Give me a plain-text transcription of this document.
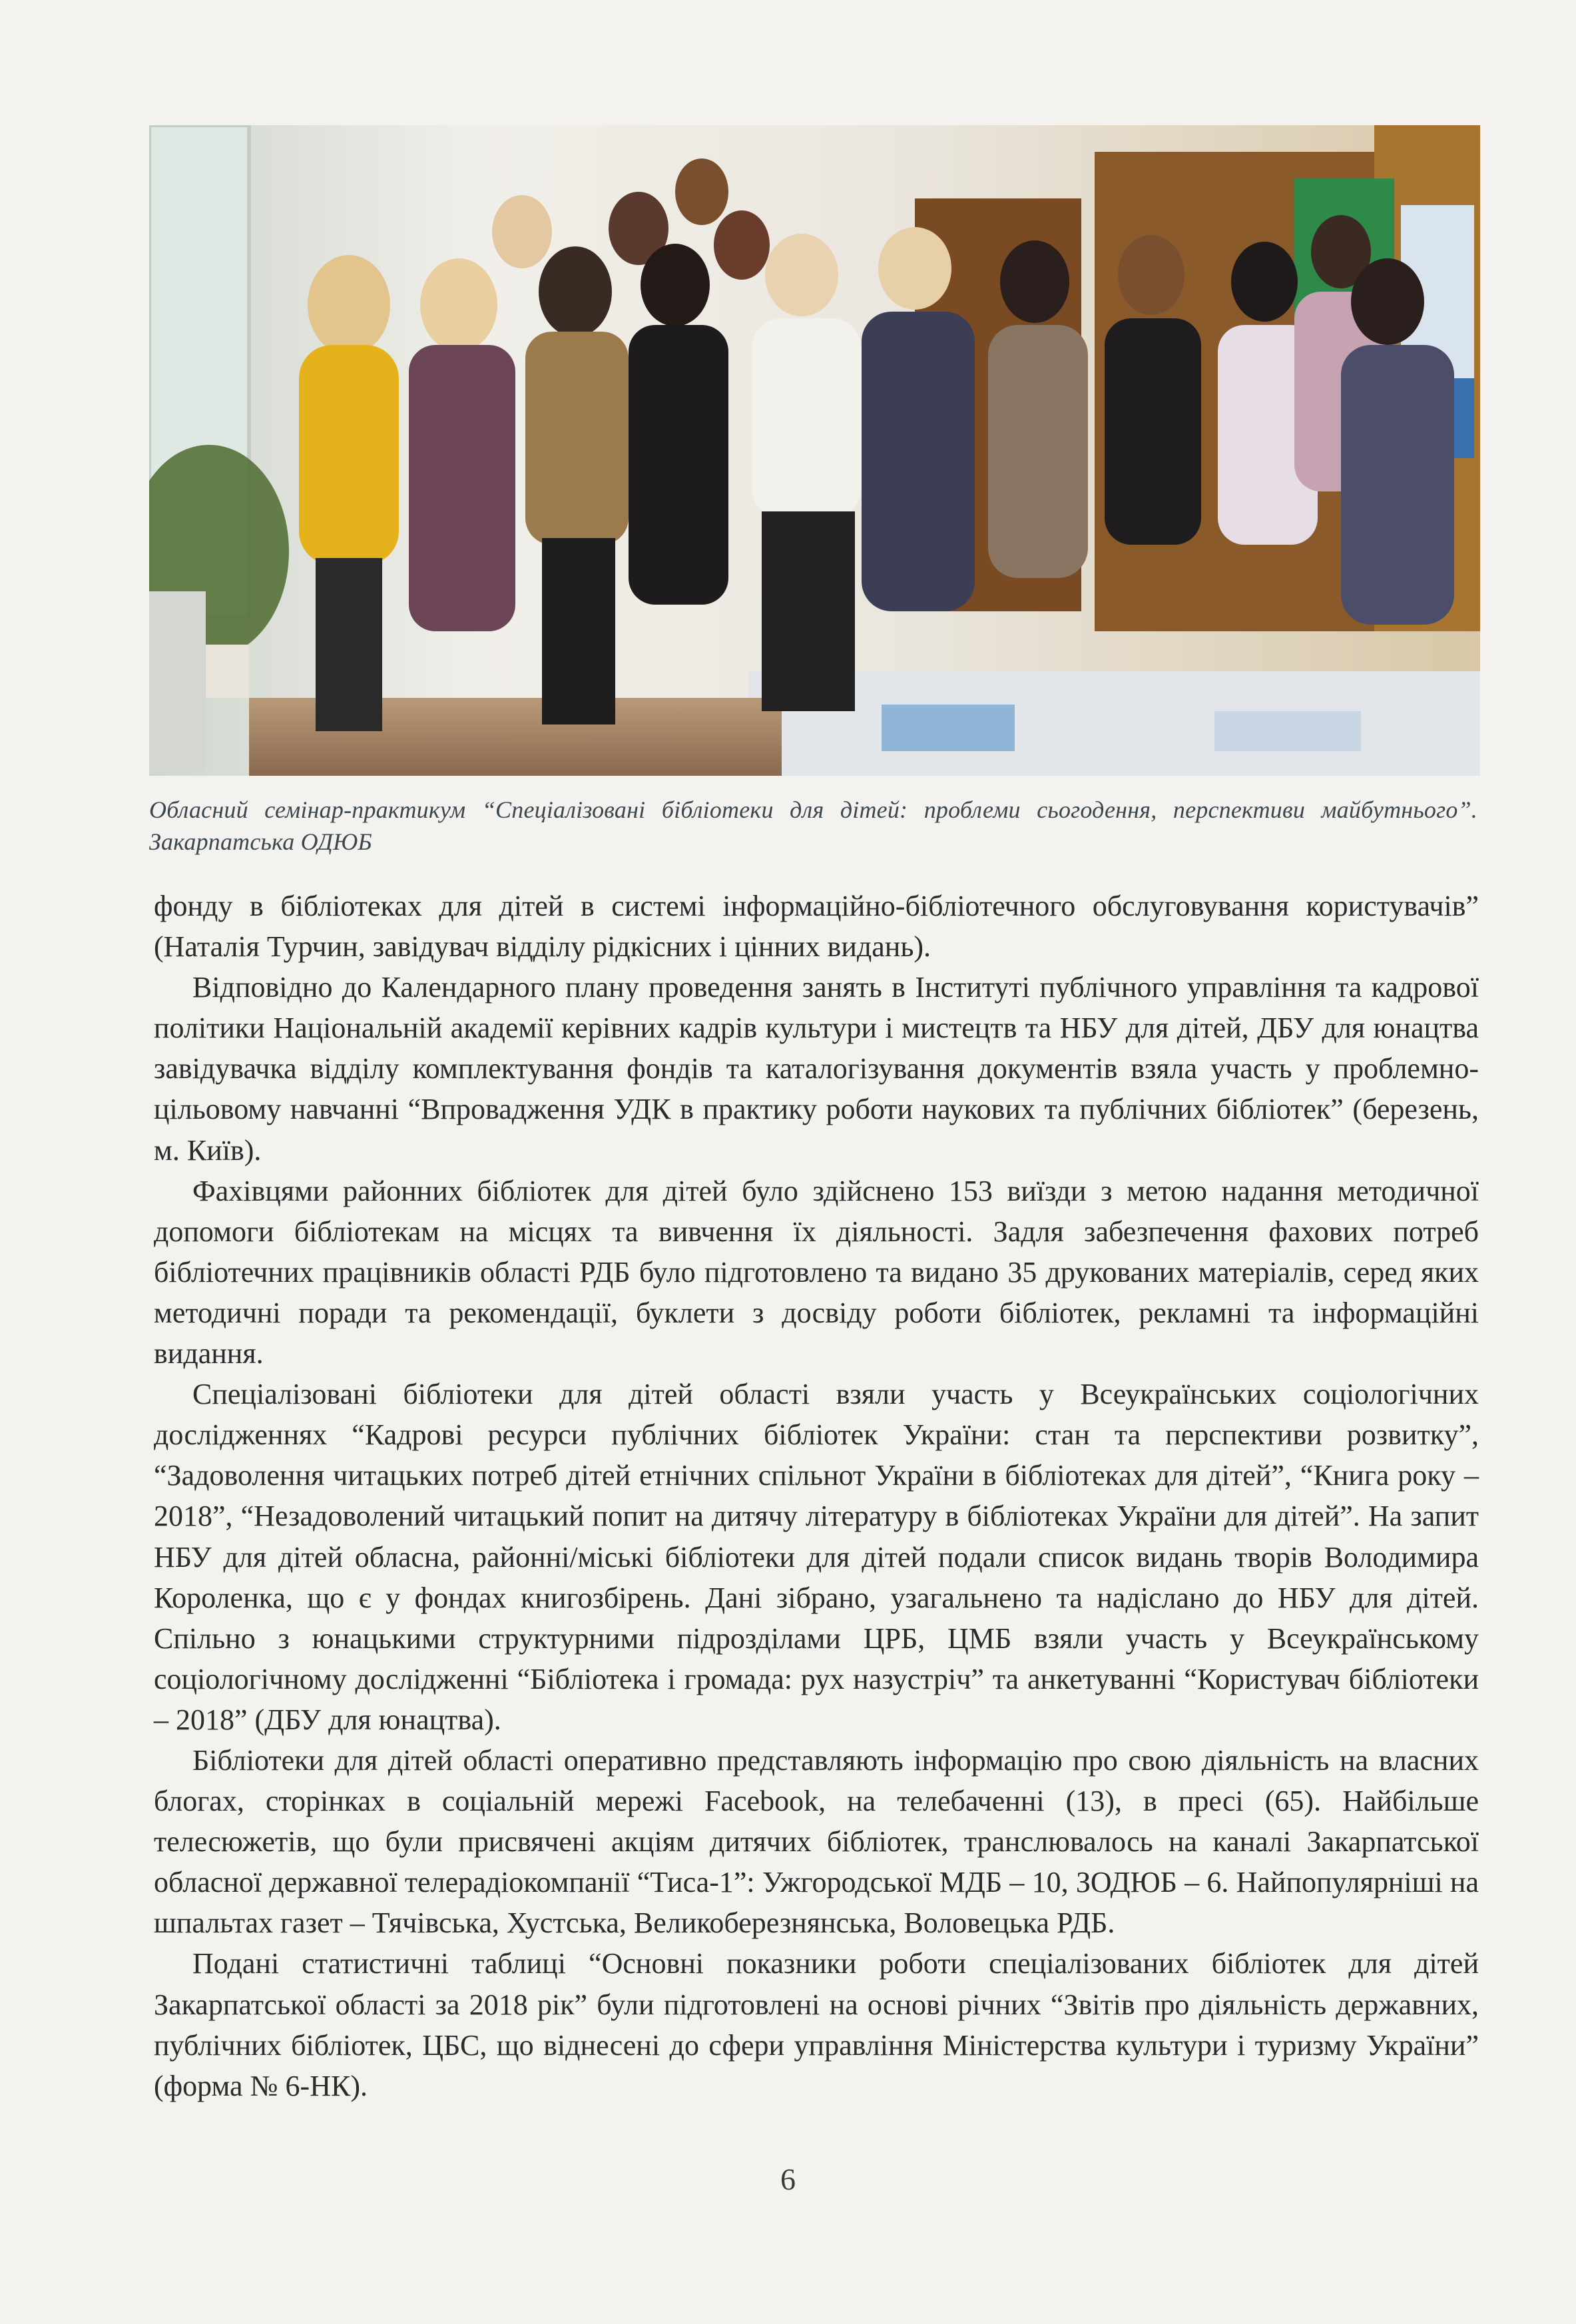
Обласний семінар-практикум “Спеціалізовані бібліотеки для дітей: проблеми сьогодення, перспективи майбутнього”. Закарпатська ОДЮБ

фонду в бібліотеках для дітей в системі інформаційно-бібліотечного обслуговування користувачів” (Наталія Турчин, завідувач відділу рідкісних і цінних видань).

Відповідно до Календарного плану проведення занять в Інституті публічного управління та кадрової політики Національній академії керівних кадрів культури і мистецтв та НБУ для дітей, ДБУ для юнацтва завідувачка відділу комплектування фондів та каталогізування документів взяла участь у проблемно-цільовому навчанні “Впровадження УДК в практику роботи наукових та публічних бібліотек” (березень, м. Київ).

Фахівцями районних бібліотек для дітей було здійснено 153 виїзди з метою надання методичної допомоги бібліотекам на місцях та вивчення їх діяльності. Задля забезпечення фахових потреб бібліотечних працівників області РДБ було підготовлено та видано 35 друкованих матеріалів, серед яких методичні поради та рекомендації, буклети з досвіду роботи бібліотек, рекламні та інформаційні видання.

Спеціалізовані бібліотеки для дітей області взяли участь у Всеукраїнських соціологічних дослідженнях “Кадрові ресурси публічних бібліотек України: стан та перспективи розвитку”, “Задоволення читацьких потреб дітей етнічних спільнот України в бібліотеках для дітей”, “Книга року – 2018”, “Незадоволений читацький попит на дитячу літературу в бібліотеках України для дітей”. На запит НБУ для дітей обласна, районні/міські бібліотеки для дітей подали список видань творів Володимира Короленка, що є у фондах книгозбірень. Дані зібрано, узагальнено та надіслано до НБУ для дітей. Спільно з юнацькими структурними підрозділами ЦРБ, ЦМБ взяли участь у Всеукраїнському соціологічному дослідженні “Бібліотека і громада: рух назустріч” та анкетуванні “Користувач бібліотеки – 2018” (ДБУ для юнацтва).

Бібліотеки для дітей області оперативно представляють інформацію про свою діяльність на власних блогах, сторінках в соціальній мережі Facebook, на телебаченні (13), в пресі (65). Найбільше телесюжетів, що були присвячені акціям дитячих бібліотек, транслювалось на каналі Закарпатської обласної державної телерадіокомпанії “Тиса-1”: Ужгородської МДБ – 10, ЗОДЮБ – 6. Найпопулярніші на шпальтах газет – Тячівська, Хустська, Великоберезнянська, Воловецька РДБ.

Подані статистичні таблиці “Основні показники роботи спеціалізованих бібліотек для дітей Закарпатської області за 2018 рік” були підготовлені на основі річних “Звітів про діяльність державних, публічних бібліотек, ЦБС, що віднесені до сфери управління Міністерства культури і туризму України” (форма № 6-НК).

6
